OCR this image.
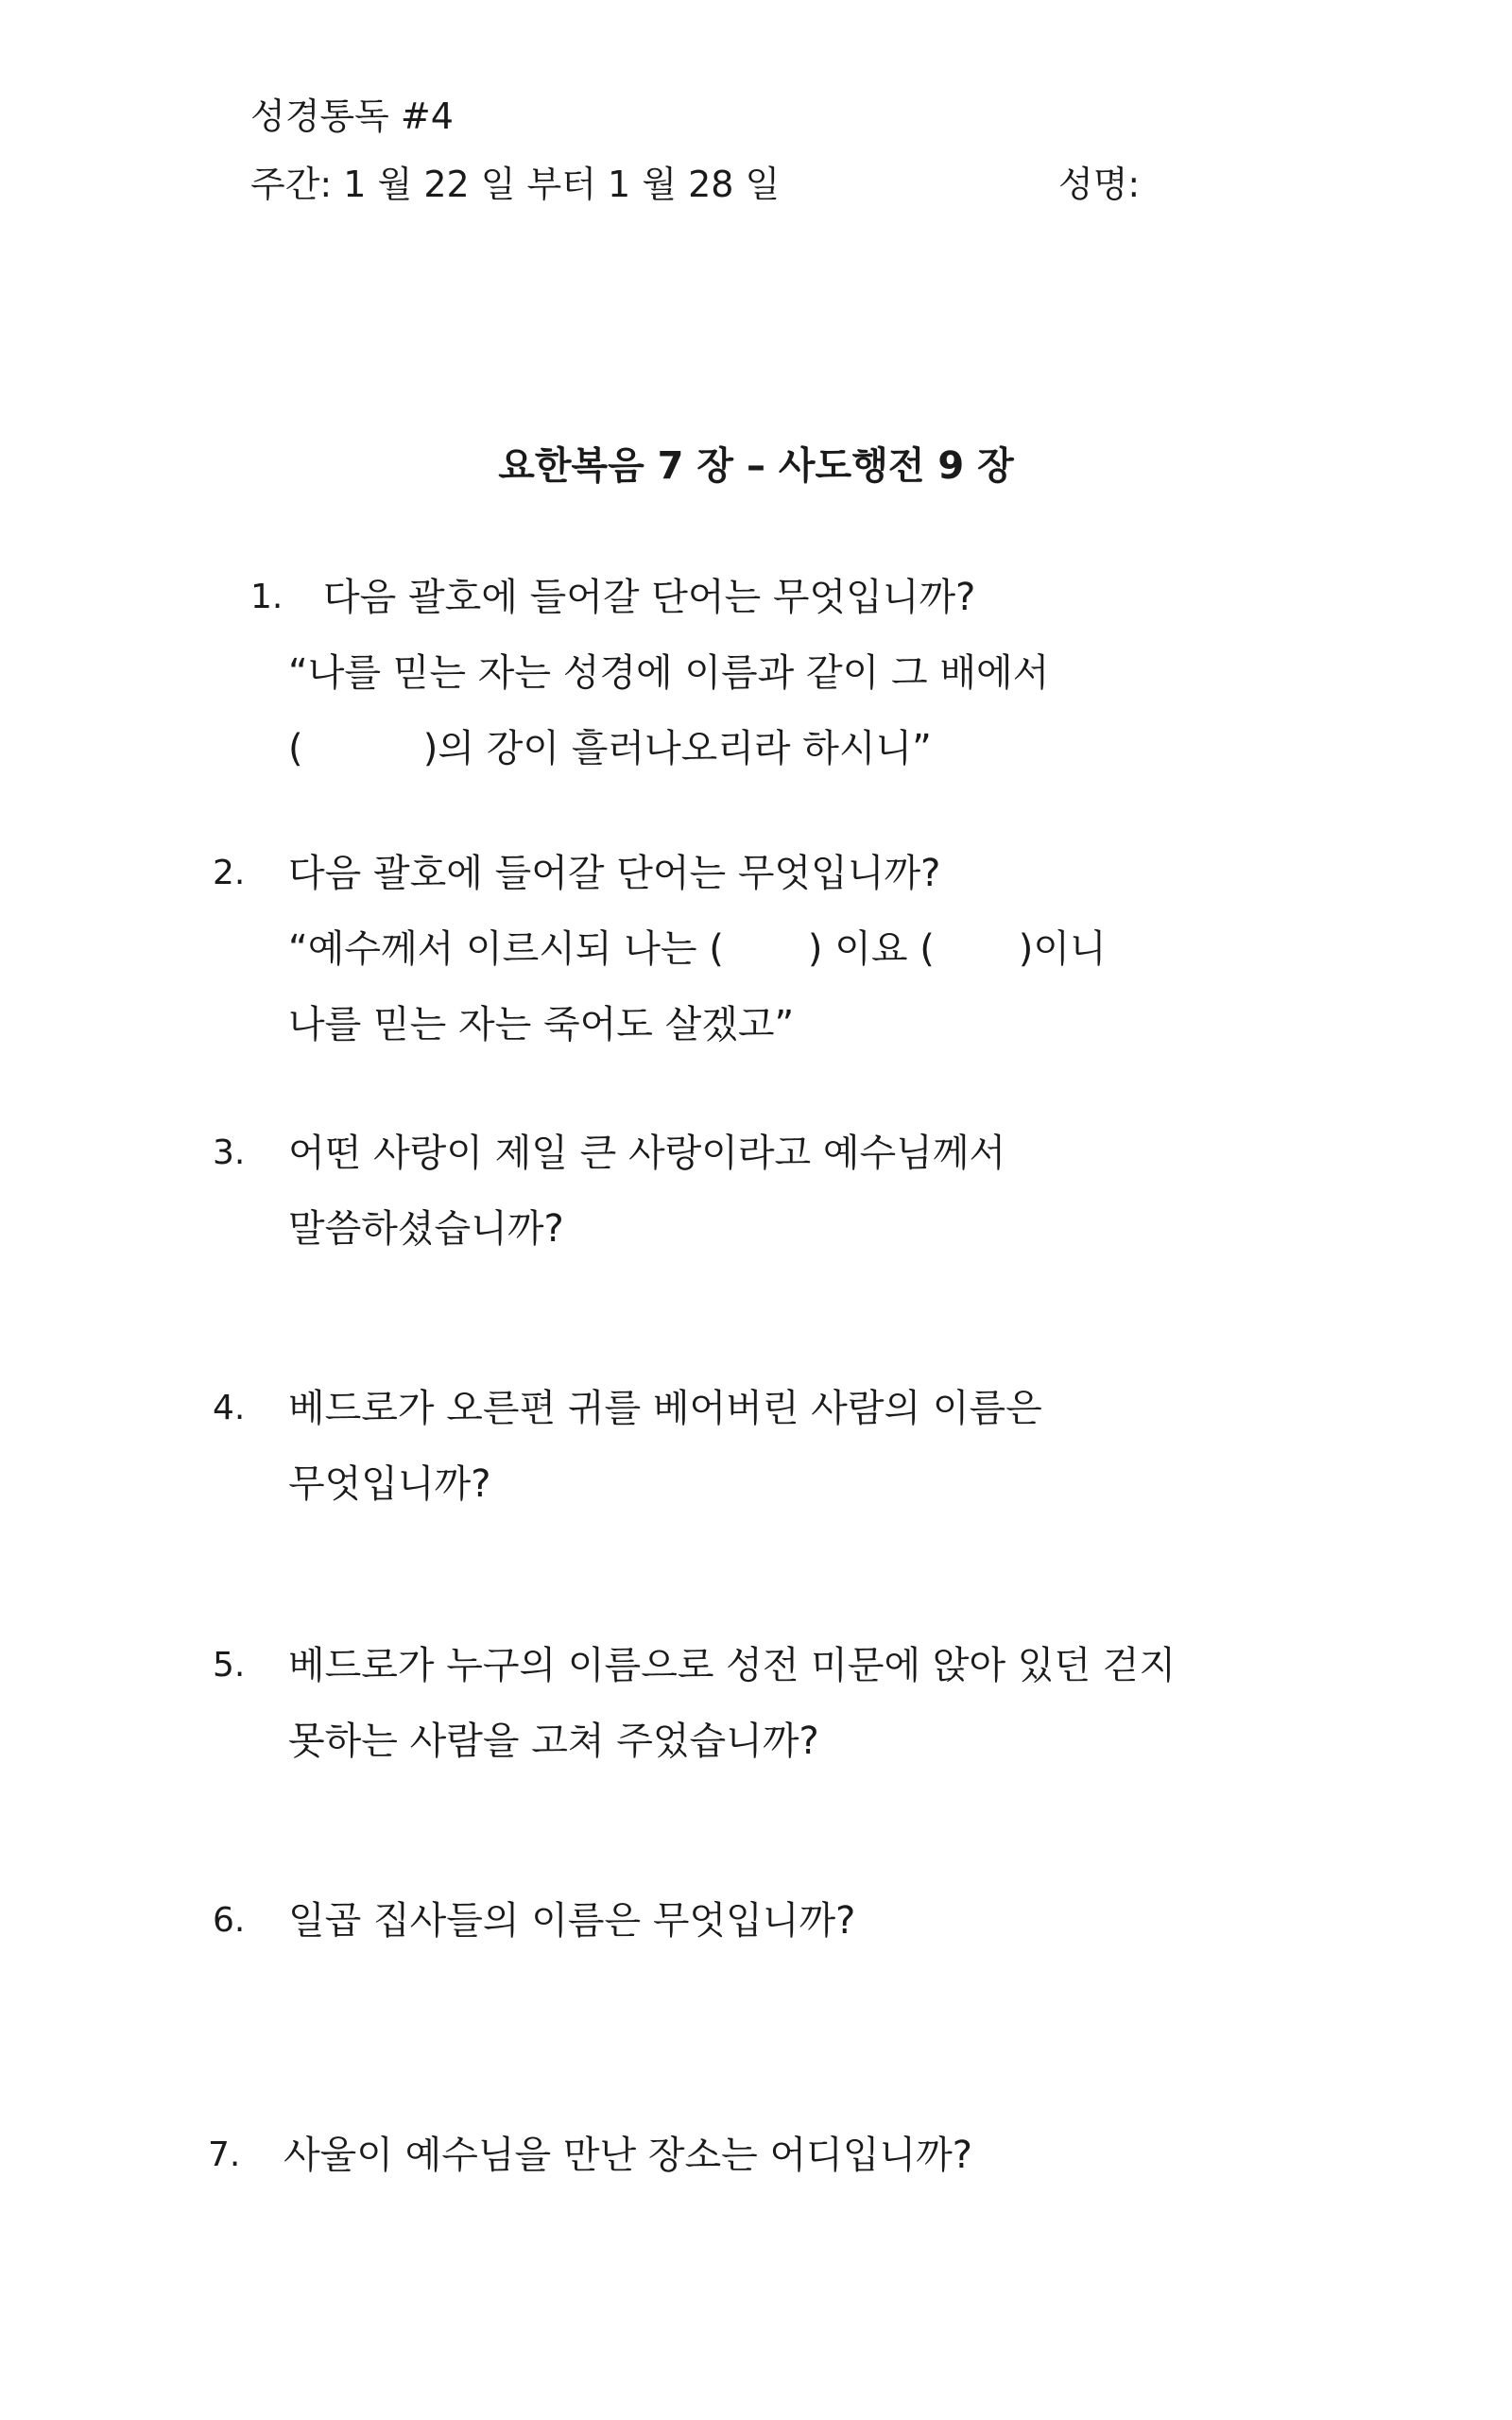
성경통독 #4
주간: 1 월 22 일 부터 1 월 28 일	성명:
요한복음 7 장 – 사도행전 9 장

1.

다음 괄호에 들어갈 단어는 무엇입니까?

“나를 믿는 자는 성경에 이름과 같이 그 배에서

(          )의 강이 흘러나오리라 하시니”

2.

다음 괄호에 들어갈 단어는 무엇입니까?

“예수께서 이르시되 나는 (       ) 이요 (       )이니

나를 믿는 자는 죽어도 살겠고”

3.

어떤 사랑이 제일 큰 사랑이라고 예수님께서

말씀하셨습니까?

4.

베드로가 오른편 귀를 베어버린 사람의 이름은

무엇입니까?

5.

베드로가 누구의 이름으로 성전 미문에 앉아 있던 걷지

못하는 사람을 고쳐 주었습니까?

6.

일곱 집사들의 이름은 무엇입니까?

7.

사울이 예수님을 만난 장소는 어디입니까?
